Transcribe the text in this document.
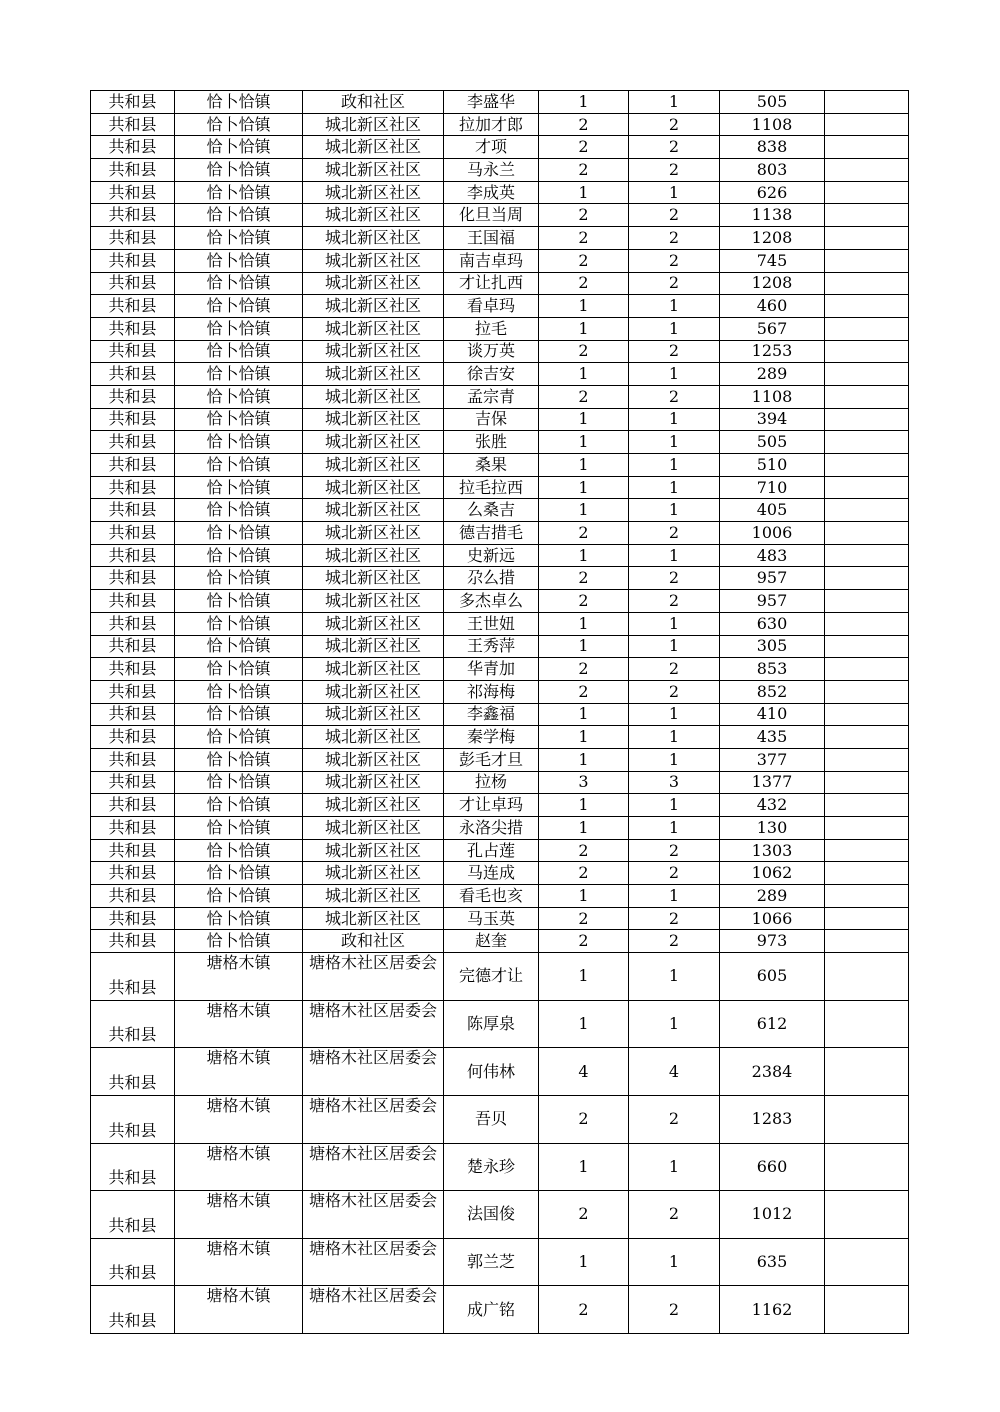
共和县	恰卜恰镇	政和社区	李盛华	1	1	505	
共和县	恰卜恰镇	城北新区社区	拉加才郎	2	2	1108	
共和县	恰卜恰镇	城北新区社区	才项	2	2	838	
共和县	恰卜恰镇	城北新区社区	马永兰	2	2	803	
共和县	恰卜恰镇	城北新区社区	李成英	1	1	626	
共和县	恰卜恰镇	城北新区社区	化旦当周	2	2	1138	
共和县	恰卜恰镇	城北新区社区	王国福	2	2	1208	
共和县	恰卜恰镇	城北新区社区	南吉卓玛	2	2	745	
共和县	恰卜恰镇	城北新区社区	才让扎西	2	2	1208	
共和县	恰卜恰镇	城北新区社区	看卓玛	1	1	460	
共和县	恰卜恰镇	城北新区社区	拉毛	1	1	567	
共和县	恰卜恰镇	城北新区社区	谈万英	2	2	1253	
共和县	恰卜恰镇	城北新区社区	徐吉安	1	1	289	
共和县	恰卜恰镇	城北新区社区	孟宗青	2	2	1108	
共和县	恰卜恰镇	城北新区社区	吉保	1	1	394	
共和县	恰卜恰镇	城北新区社区	张胜	1	1	505	
共和县	恰卜恰镇	城北新区社区	桑果	1	1	510	
共和县	恰卜恰镇	城北新区社区	拉毛拉西	1	1	710	
共和县	恰卜恰镇	城北新区社区	么桑吉	1	1	405	
共和县	恰卜恰镇	城北新区社区	德吉措毛	2	2	1006	
共和县	恰卜恰镇	城北新区社区	史新远	1	1	483	
共和县	恰卜恰镇	城北新区社区	尕么措	2	2	957	
共和县	恰卜恰镇	城北新区社区	多杰卓么	2	2	957	
共和县	恰卜恰镇	城北新区社区	王世妞	1	1	630	
共和县	恰卜恰镇	城北新区社区	王秀萍	1	1	305	
共和县	恰卜恰镇	城北新区社区	华青加	2	2	853	
共和县	恰卜恰镇	城北新区社区	祁海梅	2	2	852	
共和县	恰卜恰镇	城北新区社区	李鑫福	1	1	410	
共和县	恰卜恰镇	城北新区社区	秦学梅	1	1	435	
共和县	恰卜恰镇	城北新区社区	彭毛才旦	1	1	377	
共和县	恰卜恰镇	城北新区社区	拉杨	3	3	1377	
共和县	恰卜恰镇	城北新区社区	才让卓玛	1	1	432	
共和县	恰卜恰镇	城北新区社区	永洛尖措	1	1	130	
共和县	恰卜恰镇	城北新区社区	孔占莲	2	2	1303	
共和县	恰卜恰镇	城北新区社区	马连成	2	2	1062	
共和县	恰卜恰镇	城北新区社区	看毛也亥	1	1	289	
共和县	恰卜恰镇	城北新区社区	马玉英	2	2	1066	
共和县	恰卜恰镇	政和社区	赵奎	2	2	973	
共和县	塘格木镇	塘格木社区居委会	完德才让	1	1	605	
共和县	塘格木镇	塘格木社区居委会	陈厚泉	1	1	612	
共和县	塘格木镇	塘格木社区居委会	何伟林	4	4	2384	
共和县	塘格木镇	塘格木社区居委会	吾贝	2	2	1283	
共和县	塘格木镇	塘格木社区居委会	楚永珍	1	1	660	
共和县	塘格木镇	塘格木社区居委会	法国俊	2	2	1012	
共和县	塘格木镇	塘格木社区居委会	郭兰芝	1	1	635	
共和县	塘格木镇	塘格木社区居委会	成广铭	2	2	1162	
